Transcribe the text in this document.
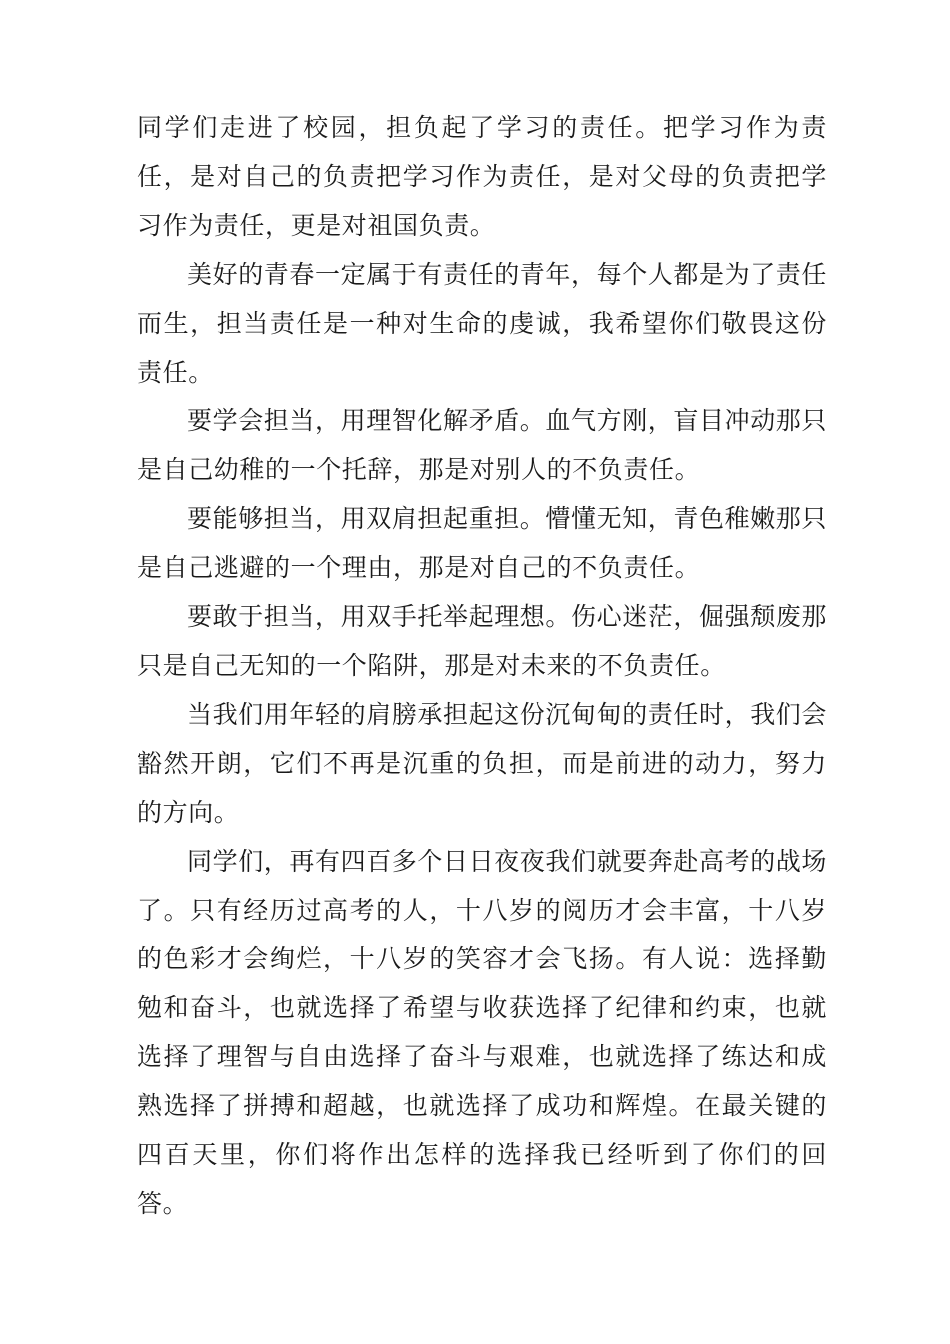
同学们走进了校园，担负起了学习的责任。把学习作为责任，是对自己的负责把学习作为责任，是对父母的负责把学习作为责任，更是对祖国负责。

美好的青春一定属于有责任的青年，每个人都是为了责任而生，担当责任是一种对生命的虔诚，我希望你们敬畏这份责任。

要学会担当，用理智化解矛盾。血气方刚，盲目冲动那只是自己幼稚的一个托辞，那是对别人的不负责任。

要能够担当，用双肩担起重担。懵懂无知，青色稚嫩那只是自己逃避的一个理由，那是对自己的不负责任。

要敢于担当，用双手托举起理想。伤心迷茫，倔强颓废那只是自己无知的一个陷阱，那是对未来的不负责任。

当我们用年轻的肩膀承担起这份沉甸甸的责任时，我们会豁然开朗，它们不再是沉重的负担，而是前进的动力，努力的方向。

同学们，再有四百多个日日夜夜我们就要奔赴高考的战场了。只有经历过高考的人，十八岁的阅历才会丰富，十八岁的色彩才会绚烂，十八岁的笑容才会飞扬。有人说：选择勤勉和奋斗，也就选择了希望与收获选择了纪律和约束，也就选择了理智与自由选择了奋斗与艰难，也就选择了练达和成熟选择了拼搏和超越，也就选择了成功和辉煌。在最关键的四百天里，你们将作出怎样的选择我已经听到了你们的回答。
